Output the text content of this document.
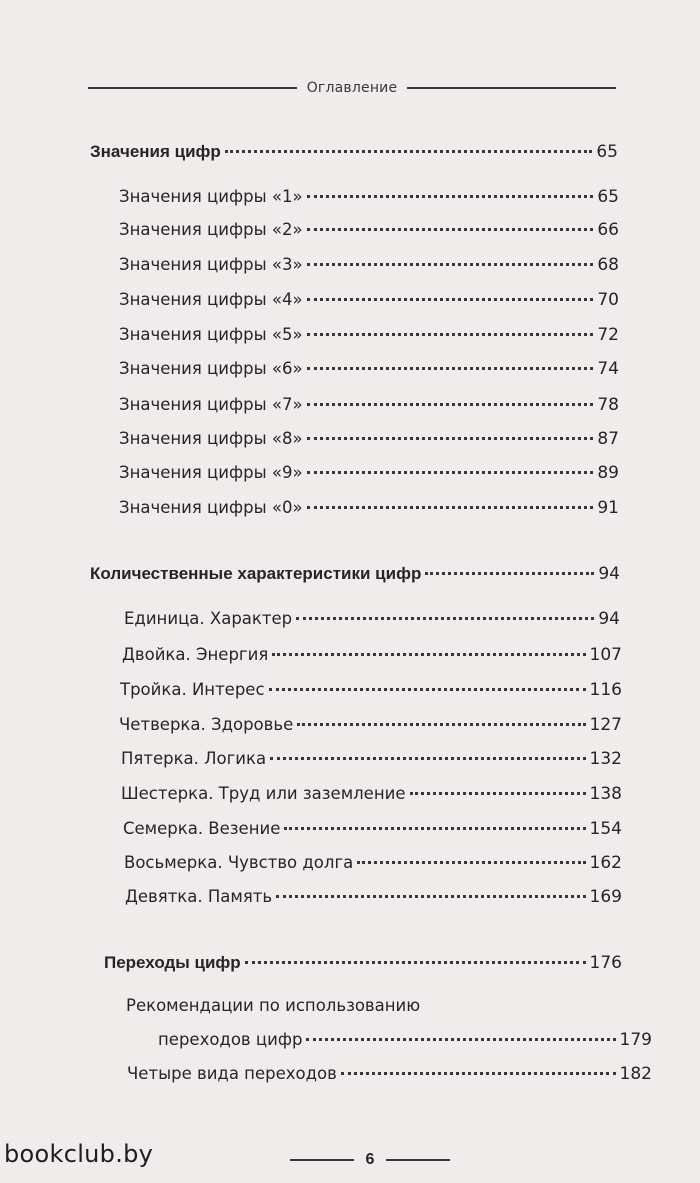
Оглавление
Значения цифр	65
Значения цифры «1»	65
Значения цифры «2»	66
Значения цифры «3»	68
Значения цифры «4»	70
Значения цифры «5»	72
Значения цифры «6»	74
Значения цифры «7»	78
Значения цифры «8»	87
Значения цифры «9»	89
Значения цифры «0»	91
Количественные характеристики цифр	94
Единица. Характер	94
Двойка. Энергия	107
Тройка. Интерес	116
Четверка. Здоровье	127
Пятерка. Логика	132
Шестерка. Труд или заземление	138
Семерка. Везение	154
Восьмерка. Чувство долга	162
Девятка. Память	169
Переходы цифр	176
Рекомендации по использованию
переходов цифр	179
Четыре вида переходов	182
6
bookclub.by
